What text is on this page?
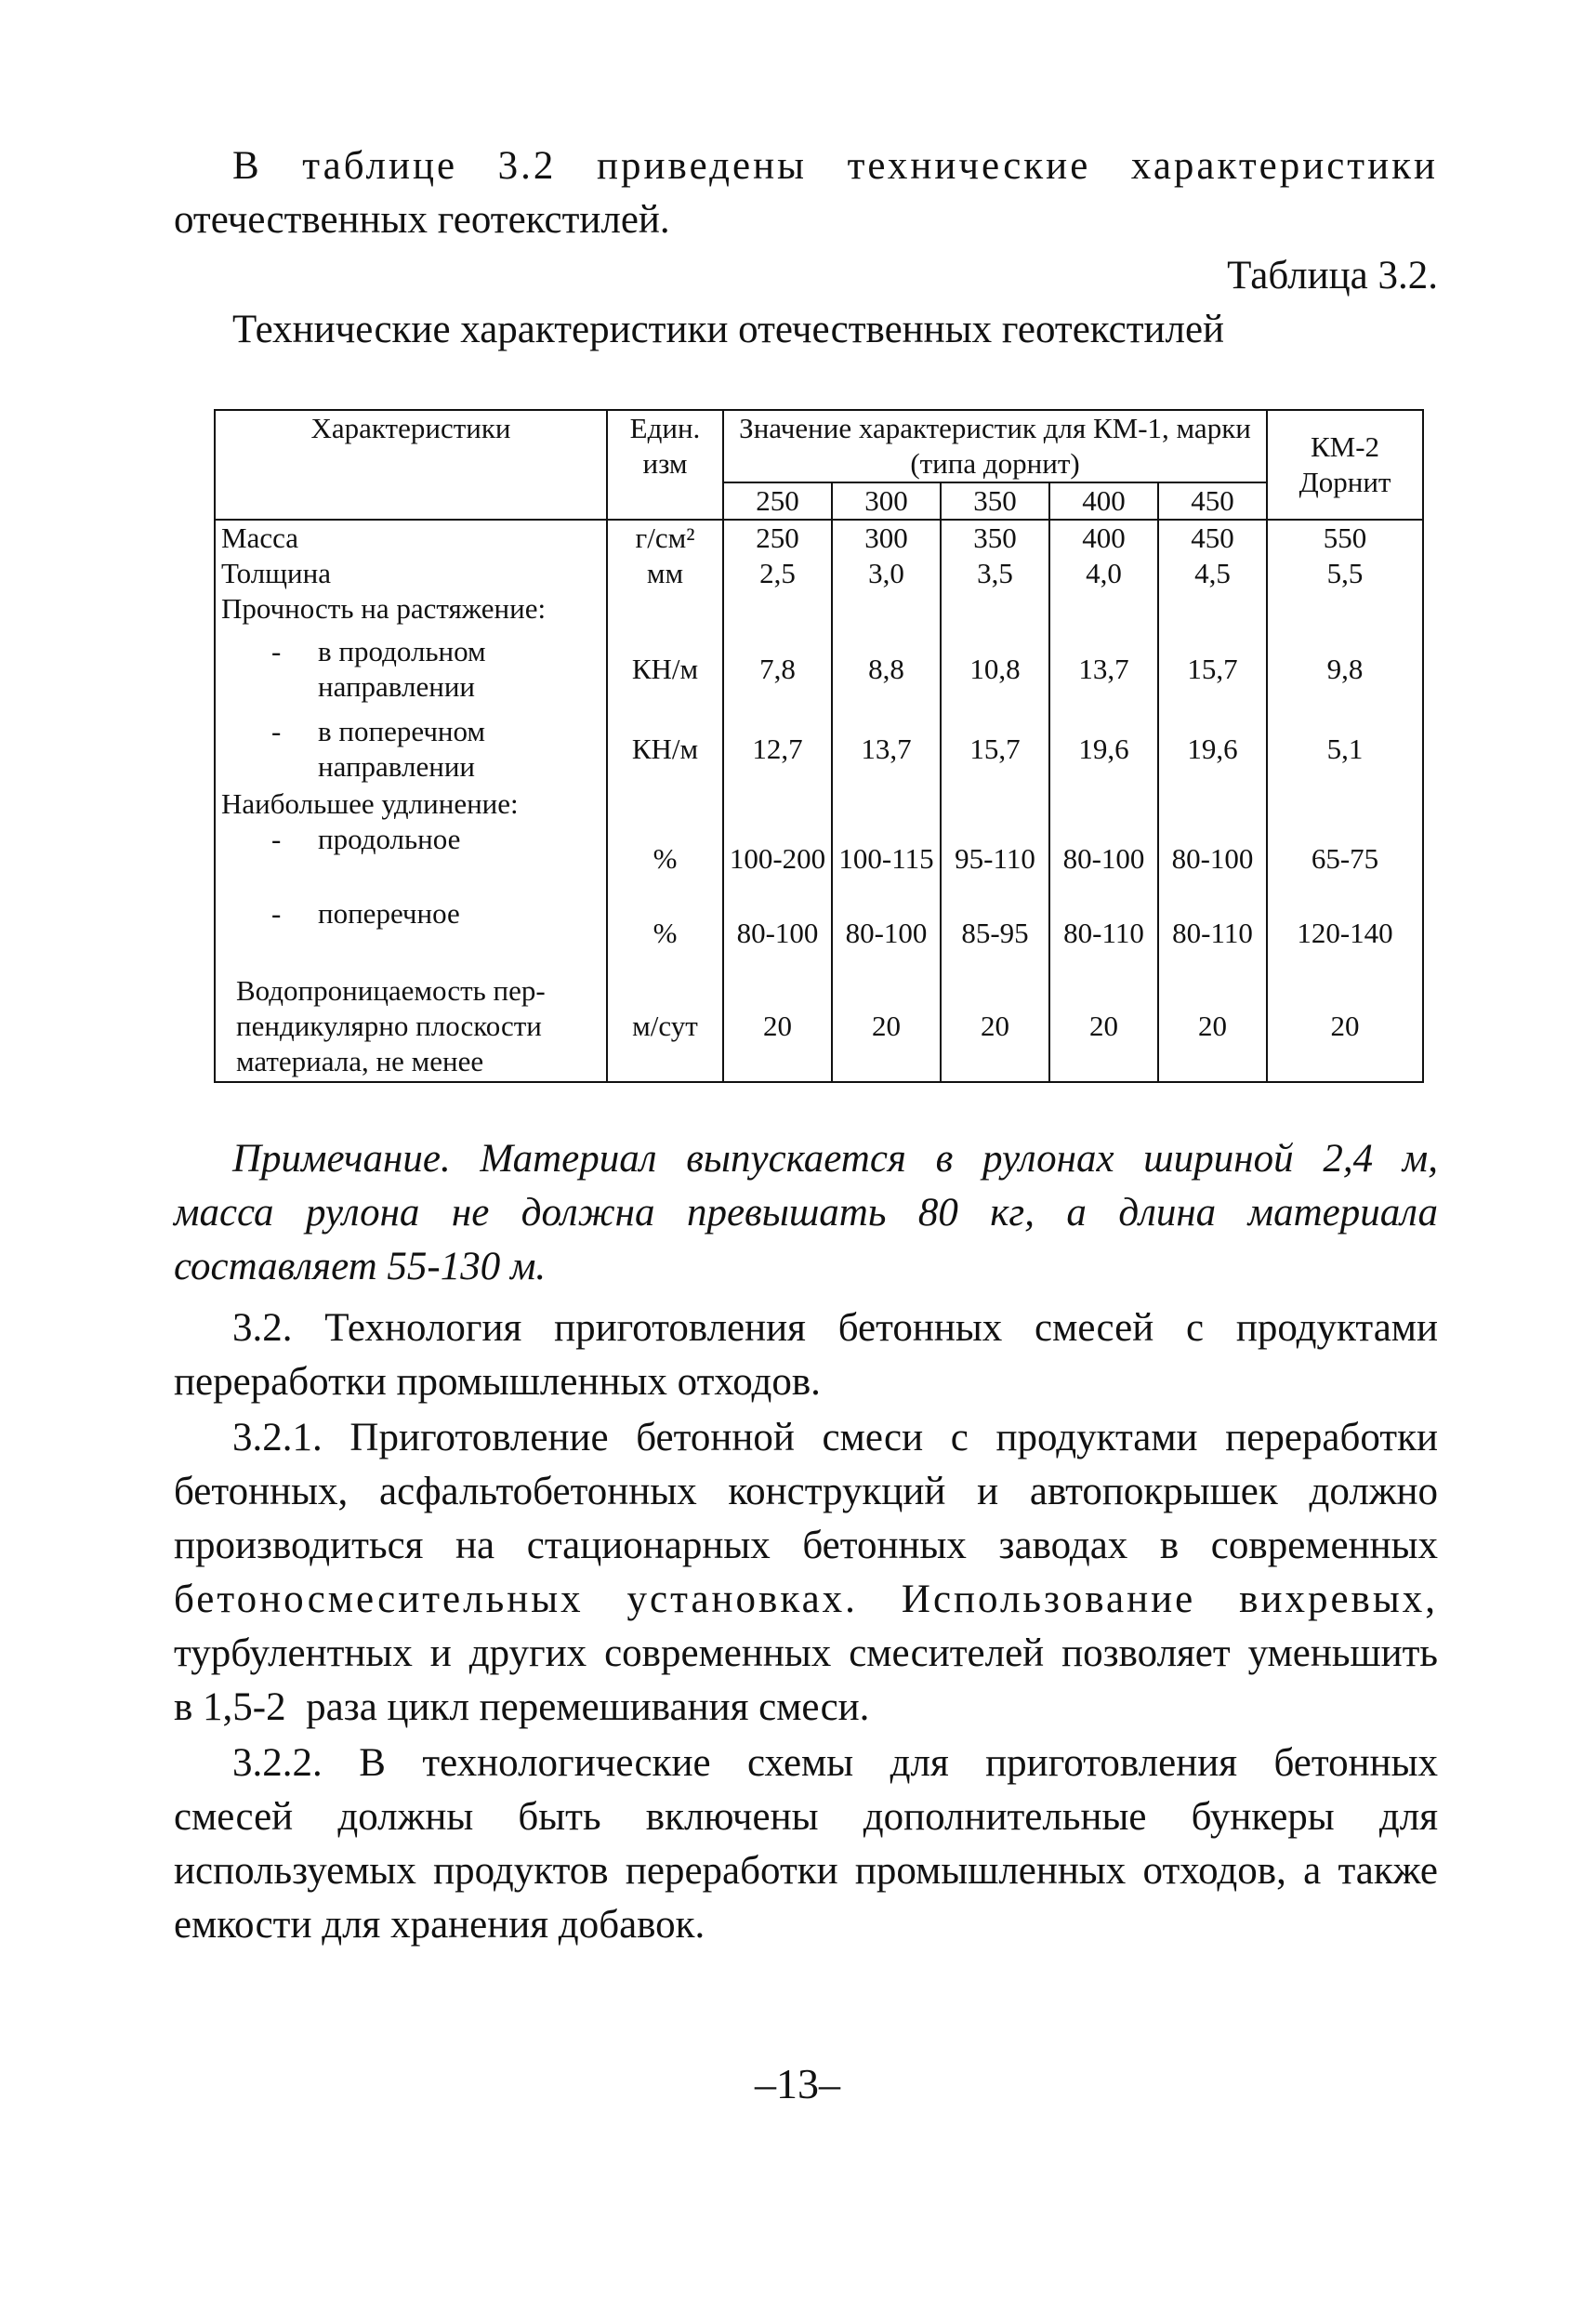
В таблице 3.2 приведены технические характеристики
отечественных геотекстилей.
Таблица 3.2.
Технические характеристики отечественных геотекстилей
Характеристики	Един. изм	Значение характеристик для КМ-1, марки (типа дорнит)					КМ-2 Дорнит
		250	300	350	400	450	
Масса	г/см²	250	300	350	400	450	550
Толщина	мм	2,5	3,0	3,5	4,0	4,5	5,5
Прочность на растяжение:							
- в продольном направлении	КН/м	7,8	8,8	10,8	13,7	15,7	9,8
- в поперечном направлении	КН/м	12,7	13,7	15,7	19,6	19,6	5,1
Наибольшее удлинение:							
- продольное	%	100-200	100-115	95-110	80-100	80-100	65-75
- поперечное	%	80-100	80-100	85-95	80-110	80-110	120-140
Водопроницаемость пер-пендикулярно плоскости материала, не менее	м/сут	20	20	20	20	20	20
Примечание. Материал выпускается в рулонах шириной 2,4 м,
масса рулона не должна превышать 80 кг, а длина материала
составляет 55-130 м.
3.2. Технология приготовления бетонных смесей с продуктами
переработки промышленных отходов.
3.2.1. Приготовление бетонной смеси с продуктами переработки
бетонных, асфальтобетонных конструкций и автопокрышек должно
производиться на стационарных бетонных заводах в современных
бетоносмесительных установках. Использование вихревых,
турбулентных и других современных смесителей позволяет уменьшить
в 1,5-2  раза цикл перемешивания смеси.
3.2.2. В технологические схемы для приготовления бетонных
смесей должны быть включены дополнительные бункеры для
используемых продуктов переработки промышленных отходов, а также
емкости для хранения добавок.
–13–
